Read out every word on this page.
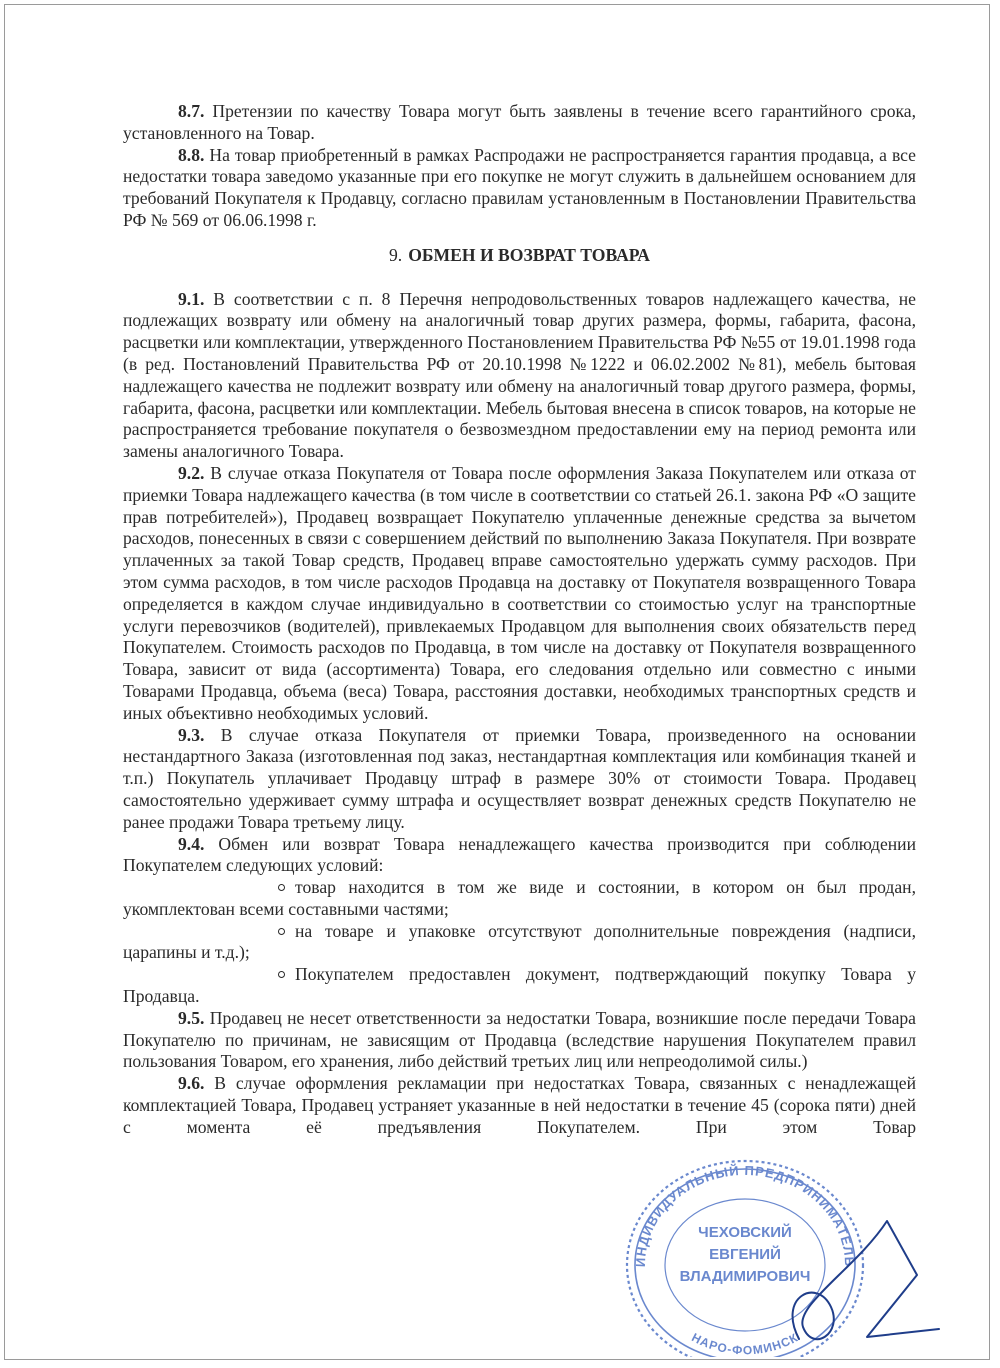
8.7. Претензии по качеству Товара могут быть заявлены в течение всего гарантийного срока, установленного на Товар.

8.8. На товар приобретенный в рамках Распродажи не распространяется гарантия продавца, а все недостатки товара заведомо указанные при его покупке не могут служить в дальнейшем основанием для требований Покупателя к Продавцу, согласно правилам установленным в Постановлении Правительства РФ № 569 от 06.06.1998 г.

9. ОБМЕН И ВОЗВРАТ ТОВАРА

9.1. В соответствии с п. 8 Перечня непродовольственных товаров надлежащего качества, не подлежащих возврату или обмену на аналогичный товар других размера, формы, габарита, фасона, расцветки или комплектации, утвержденного Постановлением Правительства РФ №55 от 19.01.1998 года (в ред. Постановлений Правительства РФ от 20.10.1998 №1222 и 06.02.2002 №81), мебель бытовая надлежащего качества не подлежит возврату или обмену на аналогичный товар другого размера, формы, габарита, фасона, расцветки или комплектации. Мебель бытовая внесена в список товаров, на которые не распространяется требование покупателя о безвозмездном предоставлении ему на период ремонта или замены аналогичного Товара.

9.2. В случае отказа Покупателя от Товара после оформления Заказа Покупателем или отказа от приемки Товара надлежащего качества (в том числе в соответствии со статьей 26.1. закона РФ «О защите прав потребителей»), Продавец возвращает Покупателю уплаченные денежные средства за вычетом расходов, понесенных в связи с совершением действий по выполнению Заказа Покупателя. При возврате уплаченных за такой Товар средств, Продавец вправе самостоятельно удержать сумму расходов. При этом сумма расходов, в том числе расходов Продавца на доставку от Покупателя возвращенного Товара определяется в каждом случае индивидуально в соответствии со стоимостью услуг на транспортные услуги перевозчиков (водителей), привлекаемых Продавцом для выполнения своих обязательств перед Покупателем. Стоимость расходов по Продавца, в том числе на доставку от Покупателя возвращенного Товара, зависит от вида (ассортимента) Товара, его следования отдельно или совместно с иными Товарами Продавца, объема (веса) Товара, расстояния доставки, необходимых транспортных средств и иных объективно необходимых условий.

9.3. В случае отказа Покупателя от приемки Товара, произведенного на основании нестандартного Заказа (изготовленная под заказ, нестандартная комплектация или комбинация тканей и т.п.) Покупатель уплачивает Продавцу штраф в размере 30% от стоимости Товара. Продавец самостоятельно удерживает сумму штрафа и осуществляет возврат денежных средств Покупателю не ранее продажи Товара третьему лицу.

9.4. Обмен или возврат Товара ненадлежащего качества производится при соблюдении Покупателем следующих условий:

товар находится в том же виде и состоянии, в котором он был продан, укомплектован всеми составными частями;

на товаре и упаковке отсутствуют дополнительные повреждения (надписи, царапины и т.д.);

Покупателем предоставлен документ, подтверждающий покупку Товара у Продавца.

9.5. Продавец не несет ответственности за недостатки Товара, возникшие после передачи Товара Покупателю по причинам, не зависящим от Продавца (вследствие нарушения Покупателем правил пользования Товаром, его хранения, либо действий третьих лиц или непреодолимой силы.)

9.6. В случае оформления рекламации при недостатках Товара, связанных с ненадлежащей комплектацией Товара, Продавец устраняет указанные в ней недостатки в течение 45 (сорока пяти) дней с момента её предъявления Покупателем. При этом Товар

ИНДИВИДУАЛЬНЫЙ ПРЕДПРИНИМАТЕЛЬ
НАРО-ФОМИНСК
ЧЕХОВСКИЙ
ЕВГЕНИЙ
ВЛАДИМИРОВИЧ
